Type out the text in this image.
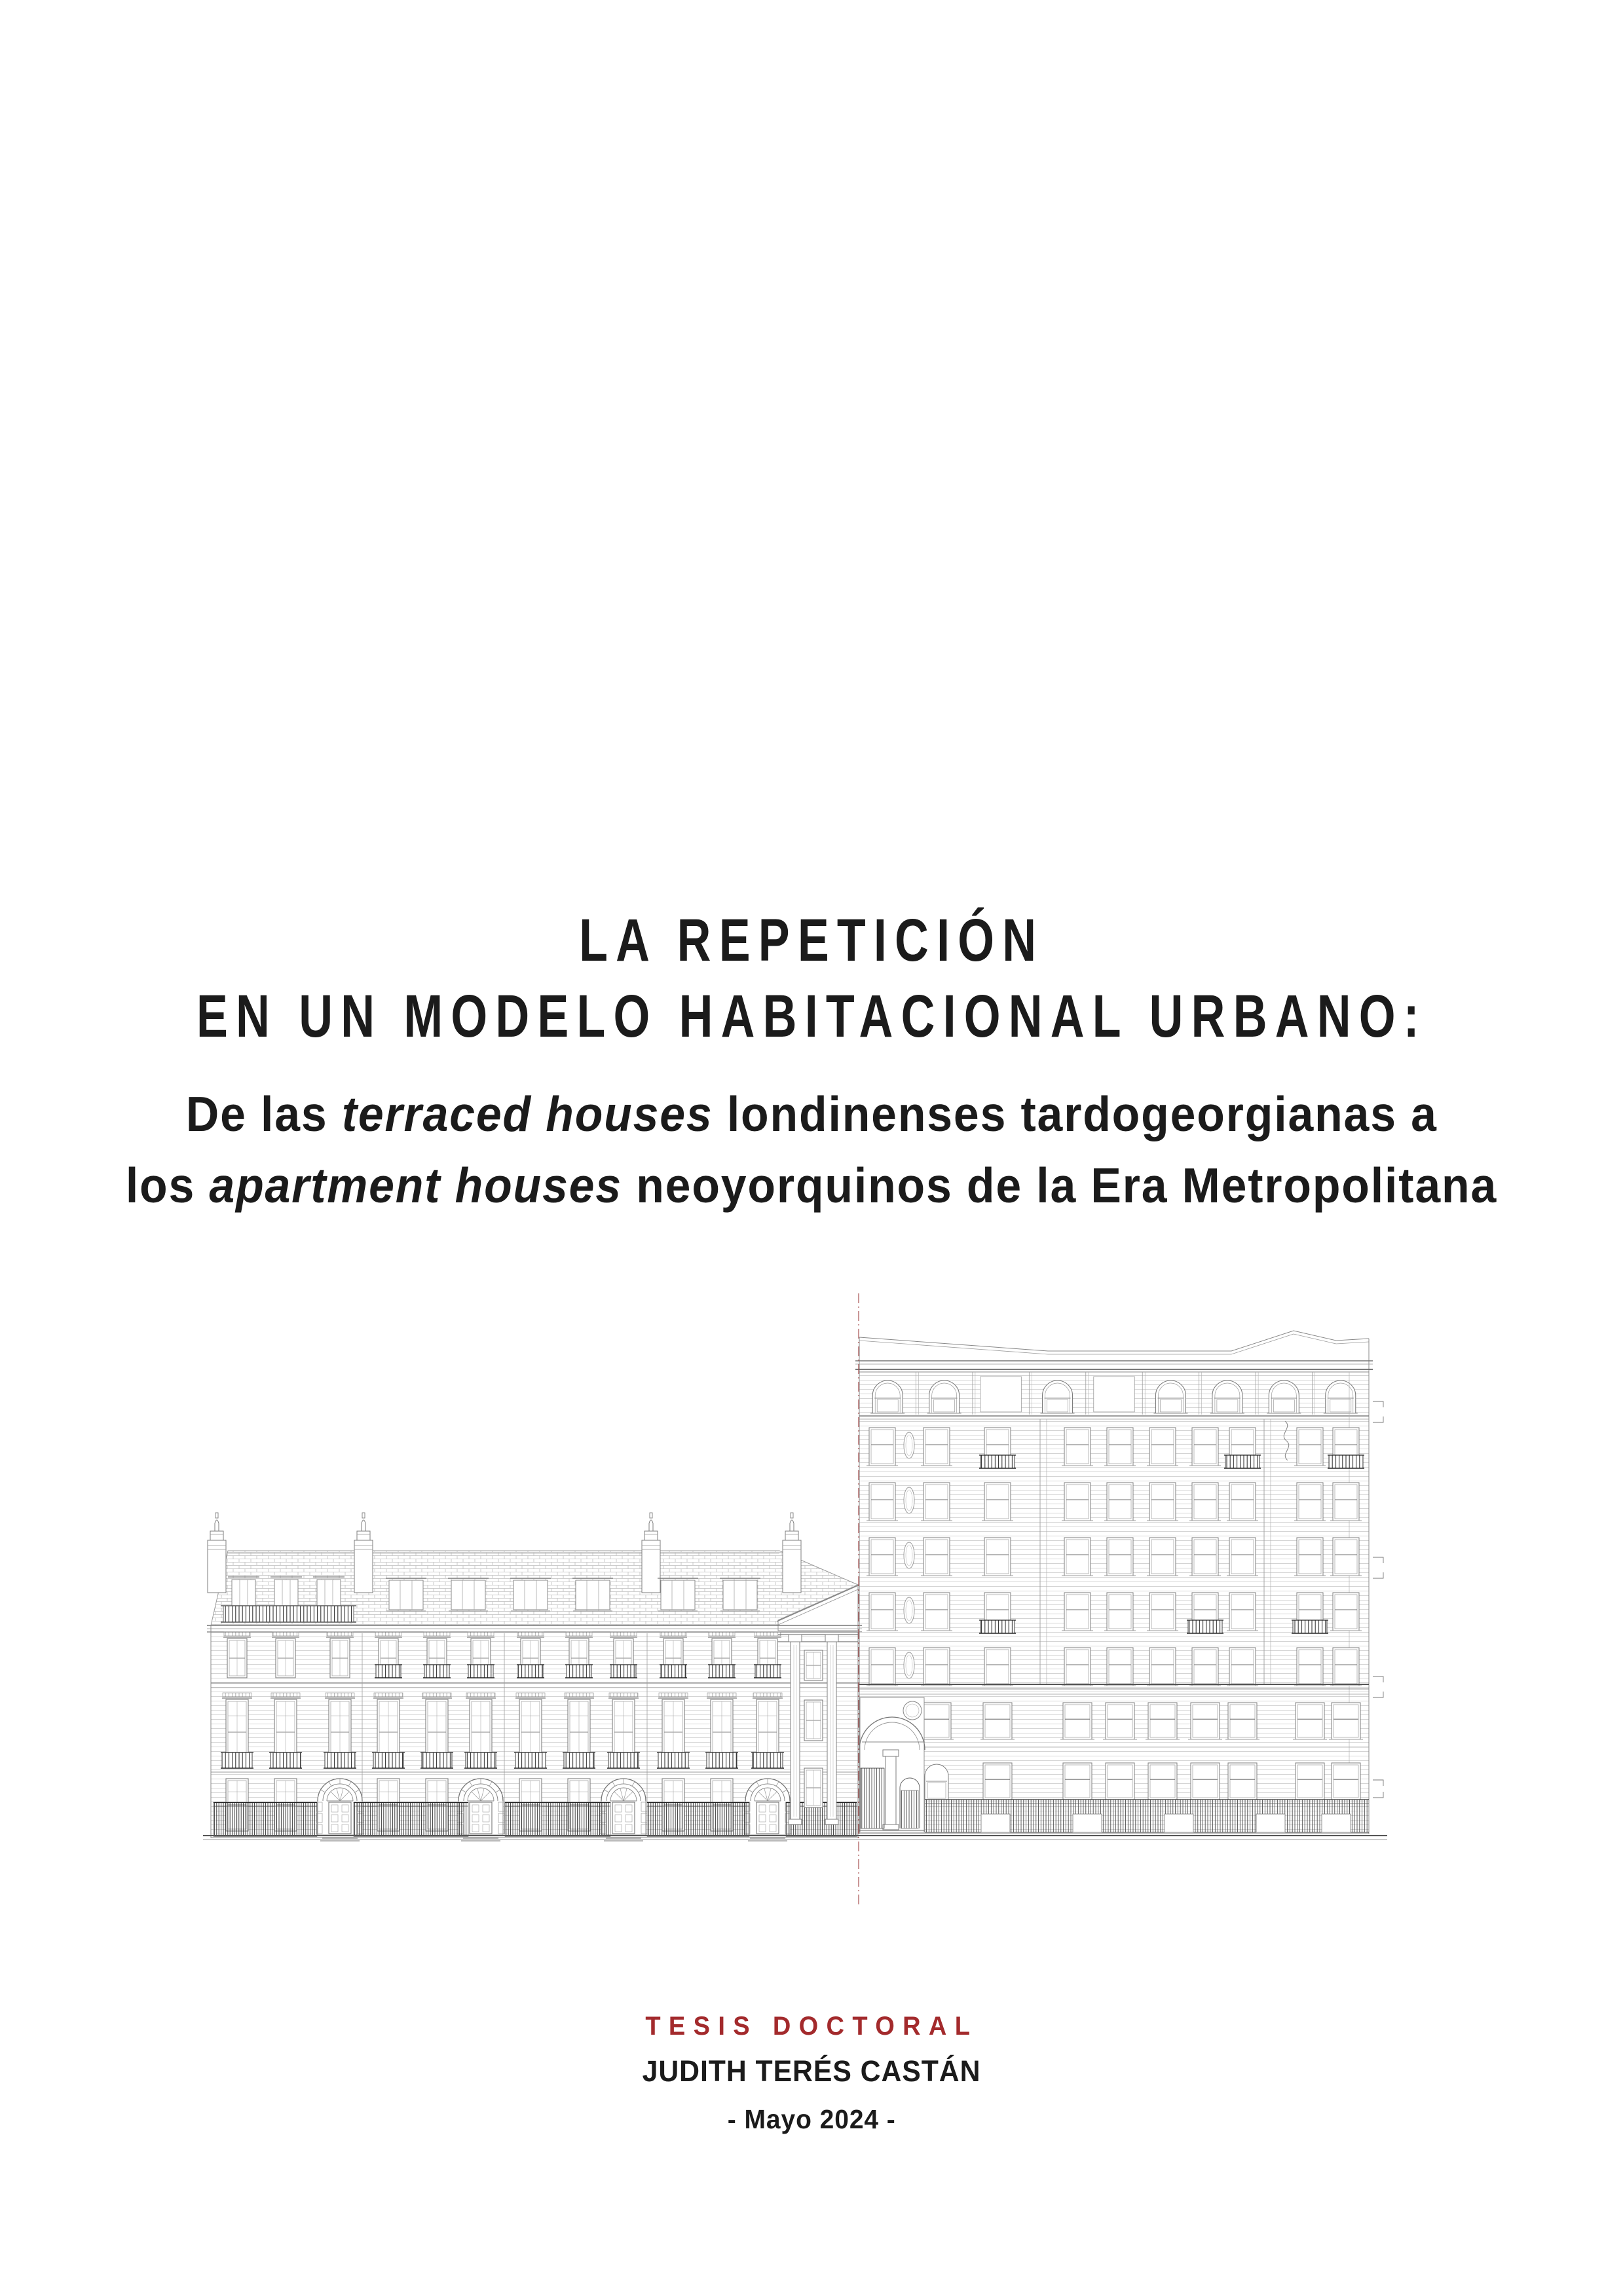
LA REPETICIÓN
EN UN MODELO HABITACIONAL URBANO:
De las terraced houses londinenses tardogeorgianas a
los apartment houses neoyorquinos de la Era Metropolitana
TESIS DOCTORAL
JUDITH TERÉS CASTÁN
- Mayo 2024 -
